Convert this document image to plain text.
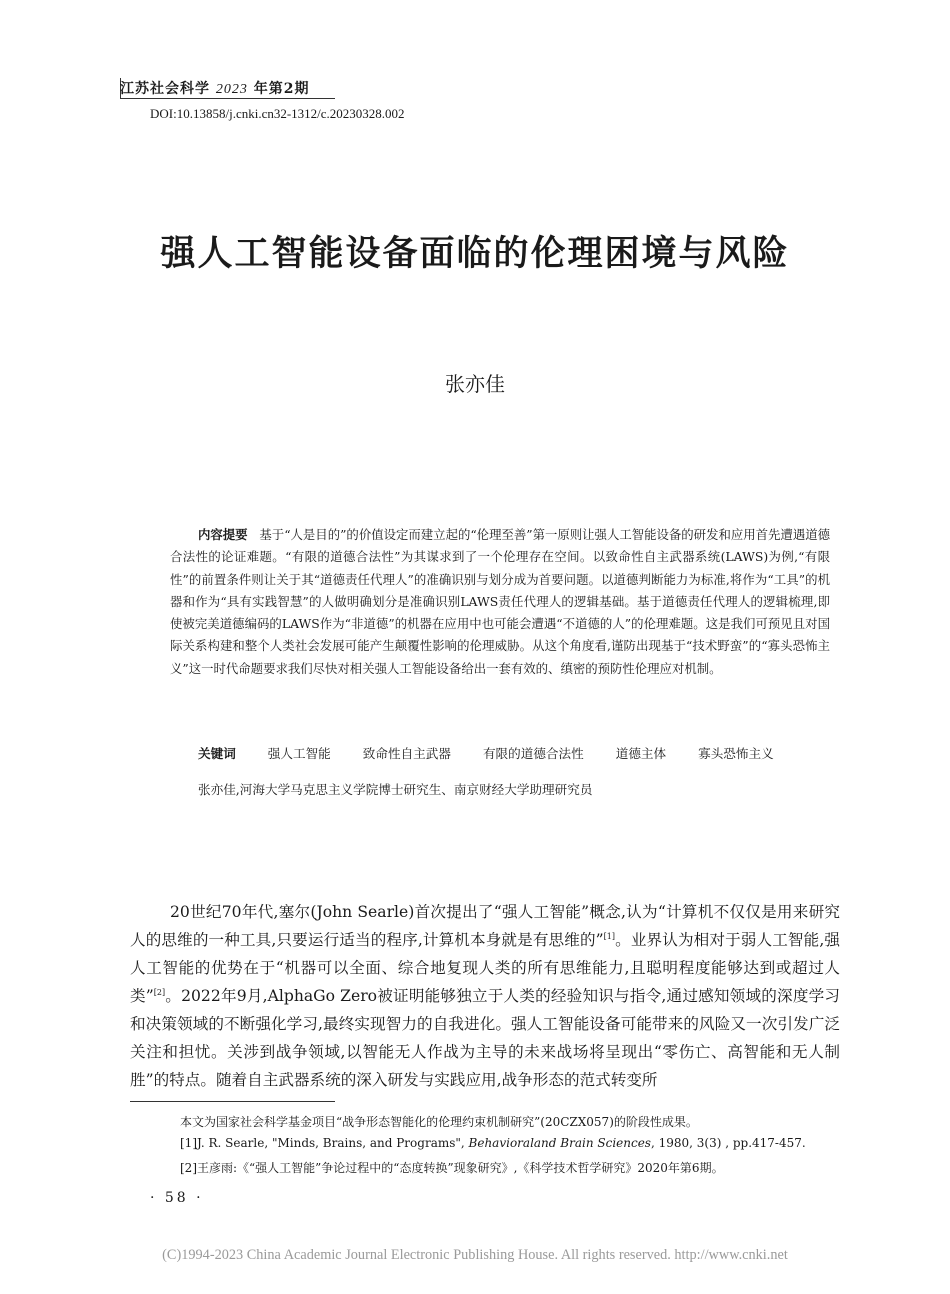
江苏社会科学 2023 年第2期
DOI:10.13858/j.cnki.cn32-1312/c.20230328.002
强人工智能设备面临的伦理困境与风险
张亦佳
内容提要 基于“人是目的”的价值设定而建立起的“伦理至善”第一原则让强人工智能设备的研发和应用首先遭遇道德合法性的论证难题。“有限的道德合法性”为其谋求到了一个伦理存在空间。以致命性自主武器系统(LAWS)为例,“有限性”的前置条件则让关于其“道德责任代理人”的准确识别与划分成为首要问题。以道德判断能力为标准,将作为“工具”的机器和作为“具有实践智慧”的人做明确划分是准确识别LAWS责任代理人的逻辑基础。基于道德责任代理人的逻辑梳理,即使被完美道德编码的LAWS作为“非道德”的机器在应用中也可能会遭遇“不道德的人”的伦理难题。这是我们可预见且对国际关系构建和整个人类社会发展可能产生颠覆性影响的伦理威胁。从这个角度看,谨防出现基于“技术野蛮”的“寡头恐怖主义”这一时代命题要求我们尽快对相关强人工智能设备给出一套有效的、缜密的预防性伦理应对机制。
关键词	强人工智能	致命性自主武器	有限的道德合法性	道德主体	寡头恐怖主义
张亦佳,河海大学马克思主义学院博士研究生、南京财经大学助理研究员
20世纪70年代,塞尔(John Searle)首次提出了“强人工智能”概念,认为“计算机不仅仅是用来研究人的思维的一种工具,只要运行适当的程序,计算机本身就是有思维的”[1]。业界认为相对于弱人工智能,强人工智能的优势在于“机器可以全面、综合地复现人类的所有思维能力,且聪明程度能够达到或超过人类”[2]。2022年9月,AlphaGo Zero被证明能够独立于人类的经验知识与指令,通过感知领域的深度学习和决策领域的不断强化学习,最终实现智力的自我进化。强人工智能设备可能带来的风险又一次引发广泛关注和担忧。关涉到战争领域,以智能无人作战为主导的未来战场将呈现出“零伤亡、高智能和无人制胜”的特点。随着自主武器系统的深入研发与实践应用,战争形态的范式转变所
本文为国家社会科学基金项目“战争形态智能化的伦理约束机制研究”(20CZX057)的阶段性成果。
[1]J. R. Searle, "Minds, Brains, and Programs", Behavioraland Brain Sciences, 1980, 3(3) , pp.417-457.
[2]王彦雨:《“强人工智能”争论过程中的“态度转换”现象研究》,《科学技术哲学研究》2020年第6期。
· 58 ·
(C)1994-2023 China Academic Journal Electronic Publishing House. All rights reserved. http://www.cnki.net
